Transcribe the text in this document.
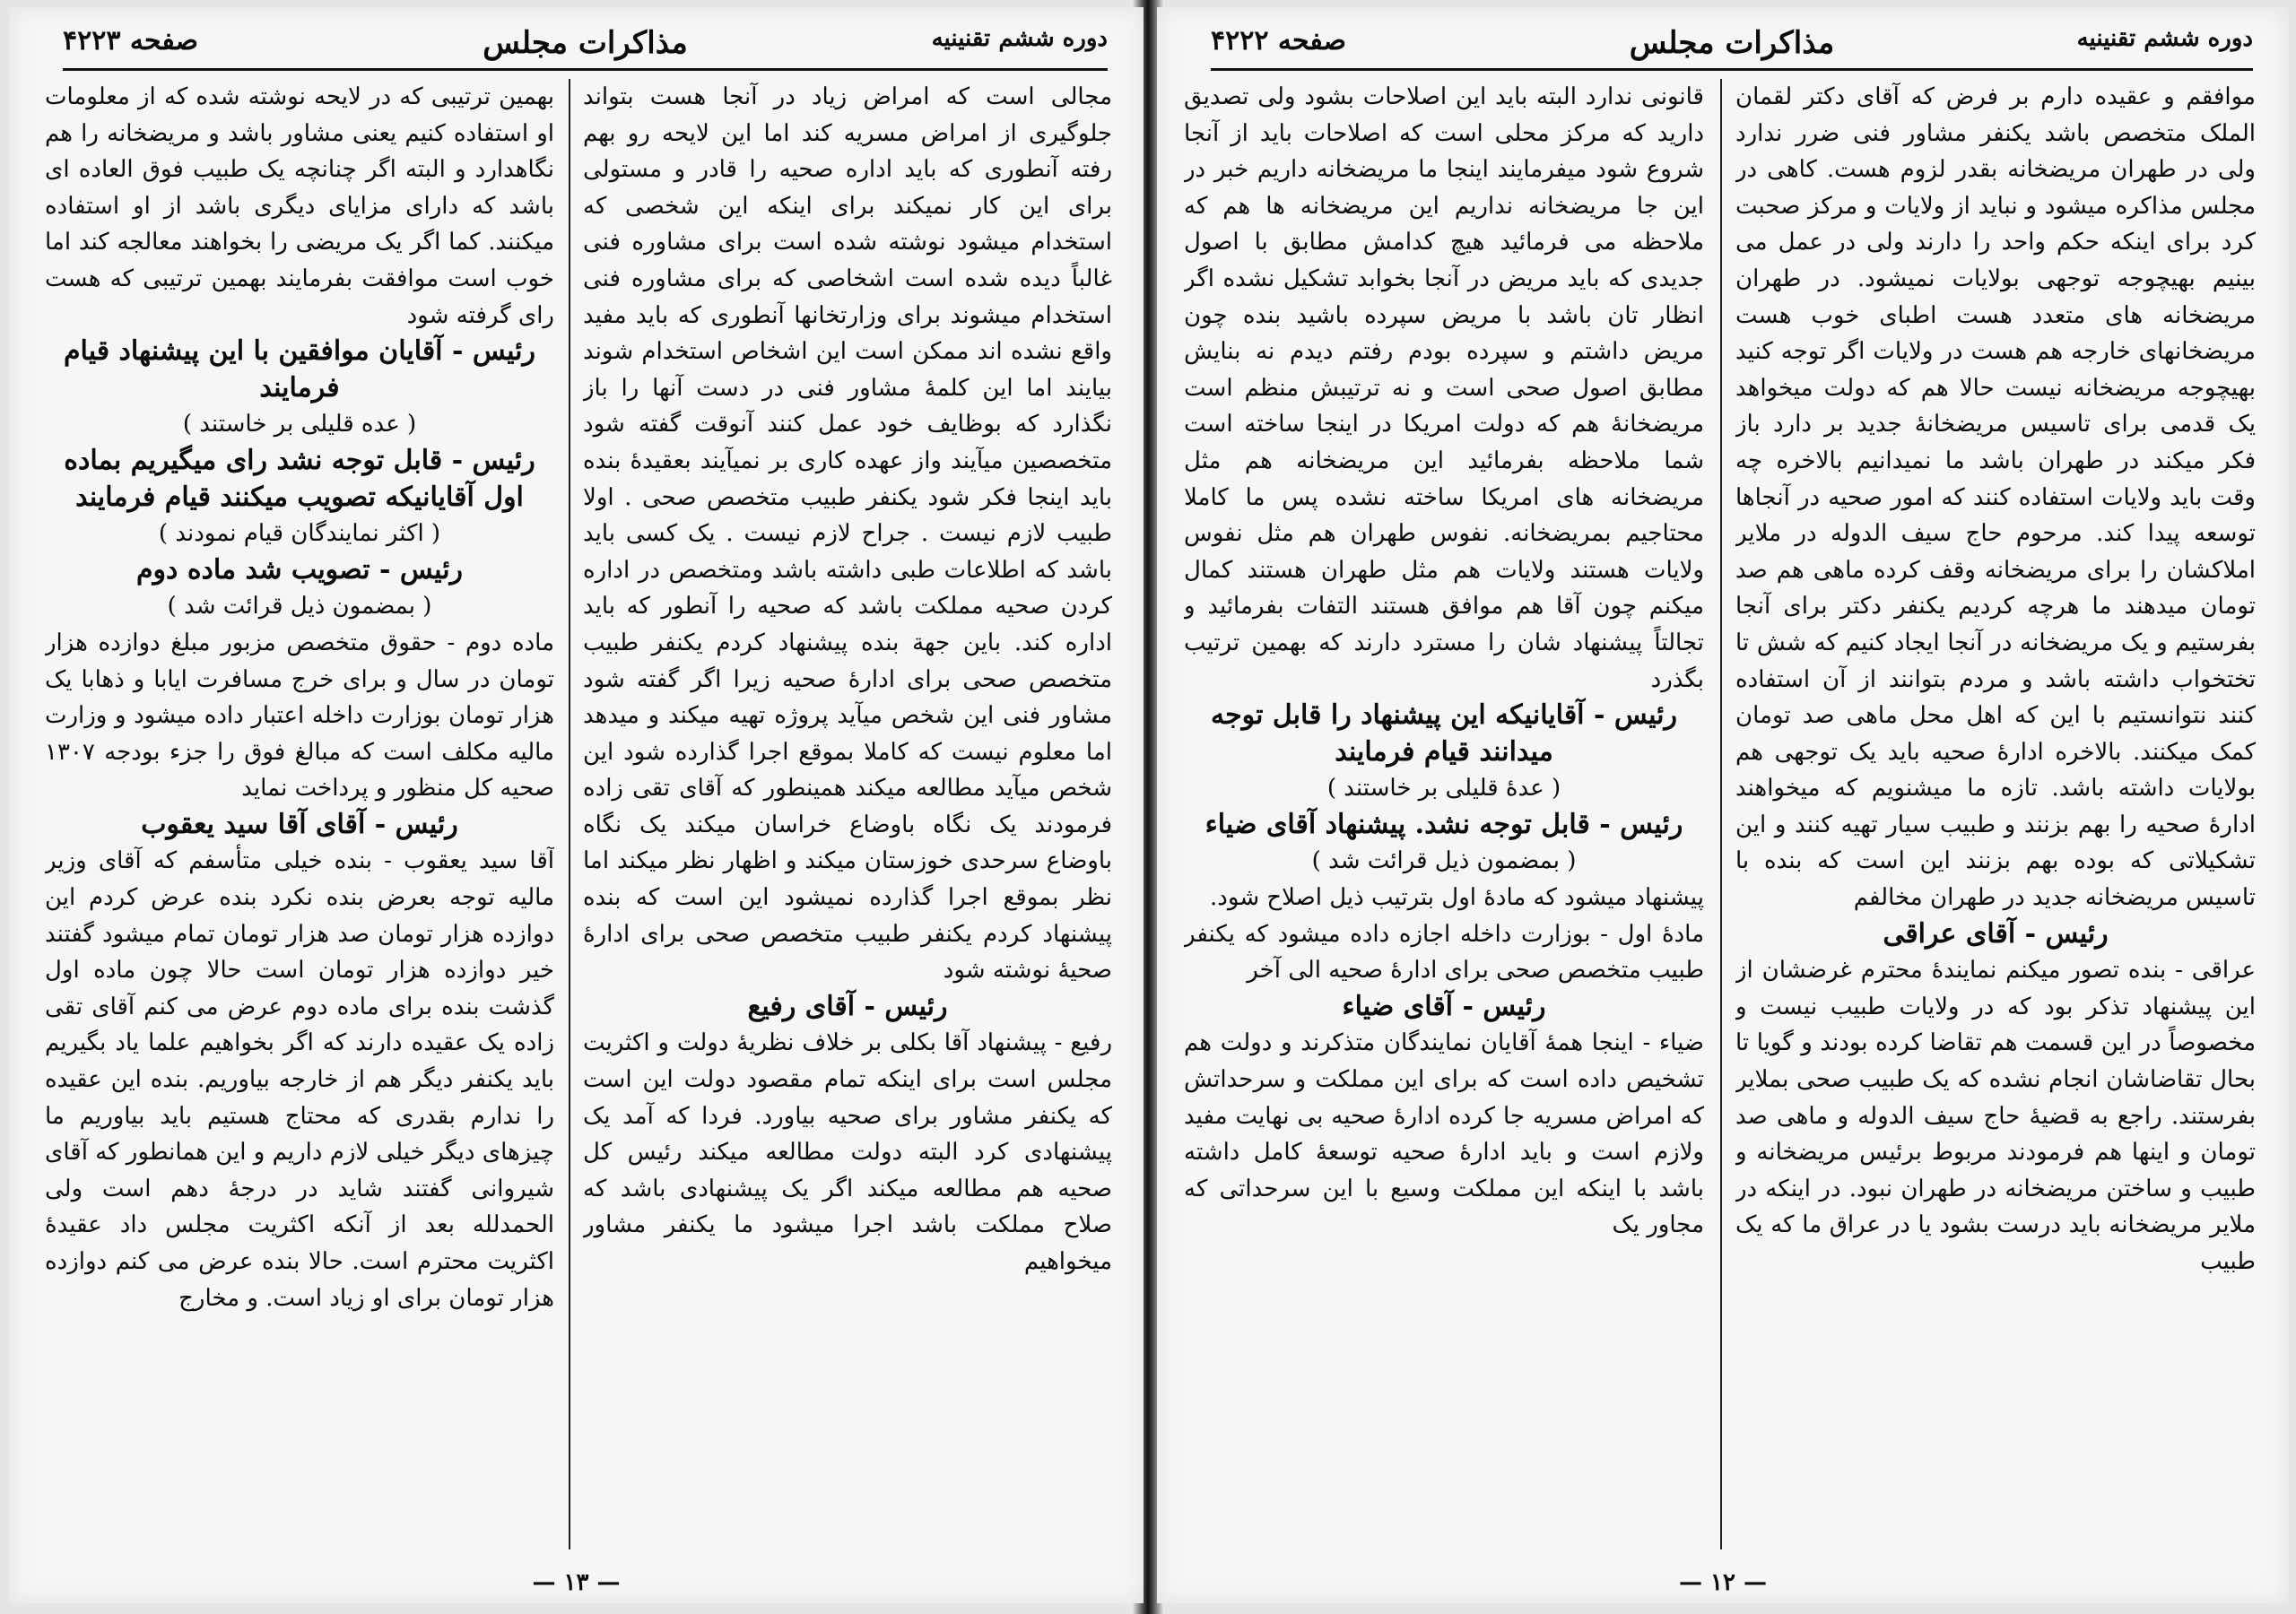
دوره ششم تقنینیه
مذاکرات مجلس
صفحه ۴۲۲۳

مجالی است که امراض زیاد در آنجا هست بتواند جلوگیری از امراض مسریه کند اما این لایحه رو بهم رفته آنطوری که باید اداره صحیه را قادر و مستولی برای این کار نمیکند برای اینکه این شخصی که استخدام میشود نوشته شده است برای مشاوره فنی غالباً دیده شده است اشخاصی که برای مشاوره فنی استخدام میشوند برای وزارتخانها آنطوری که باید مفید واقع نشده اند ممکن است این اشخاص استخدام شوند بیایند اما این کلمهٔ مشاور فنی در دست آنها را باز نگذارد که بوظایف خود عمل کنند آنوقت گفته شود متخصصین میآیند واز عهده کاری بر نمیآیند بعقیدهٔ بنده باید اینجا فکر شود یکنفر طبیب متخصص صحی . اولا طبیب لازم نیست . جراح لازم نیست . یک کسی باید باشد که اطلاعات طبی داشته باشد ومتخصص در اداره کردن صحیه مملکت باشد که صحیه را آنطور که باید اداره کند. باین جهة بنده پیشنهاد کردم یکنفر طبیب متخصص صحی برای ادارهٔ صحیه زیرا اگر گفته شود مشاور فنی این شخص میآید پروژه تهیه میکند و میدهد اما معلوم نیست که کاملا بموقع اجرا گذارده شود این شخص میآید مطالعه میکند همینطور که آقای تقی زاده فرمودند یک نگاه باوضاع خراسان میکند یک نگاه باوضاع سرحدی خوزستان میکند و اظهار نظر میکند اما نظر بموقع اجرا گذارده نمیشود این است که بنده پیشنهاد کردم یکنفر طبیب متخصص صحی برای ادارهٔ صحیهٔ نوشته شود

رئیس - آقای رفیع

رفیع - پیشنهاد آقا بکلی بر خلاف نظریهٔ دولت و اکثریت مجلس است برای اینکه تمام مقصود دولت این است که یکنفر مشاور برای صحیه بیاورد. فردا که آمد یک پیشنهادی کرد البته دولت مطالعه میکند رئیس کل صحیه هم مطالعه میکند اگر یک پیشنهادی باشد که صلاح مملکت باشد اجرا میشود ما یکنفر مشاور میخواهیم

بهمین ترتیبی که در لایحه نوشته شده که از معلومات او استفاده کنیم یعنی مشاور باشد و مریضخانه را هم نگاهدارد و البته اگر چنانچه یک طبیب فوق العاده ای باشد که دارای مزایای دیگری باشد از او استفاده میکنند. کما اگر یک مریضی را بخواهند معالجه کند اما خوب است موافقت بفرمایند بهمین ترتیبی که هست رای گرفته شود

رئیس - آقایان موافقین با این پیشنهاد قیام فرمایند

( عده قلیلی بر خاستند )

رئیس - قابل توجه نشد رای میگیریم بماده اول آقایانیکه تصویب میکنند قیام فرمایند

( اکثر نمایندگان قیام نمودند )

رئیس - تصویب شد ماده دوم

( بمضمون ذیل قرائت شد )

ماده دوم - حقوق متخصص مزبور مبلغ دوازده هزار تومان در سال و برای خرج مسافرت ایابا و ذهابا یک هزار تومان بوزارت داخله اعتبار داده میشود و وزارت مالیه مکلف است که مبالغ فوق را جزء بودجه ۱۳۰۷ صحیه کل منظور و پرداخت نماید

رئیس - آقای آقا سید یعقوب

آقا سید یعقوب - بنده خیلی متأسفم که آقای وزیر مالیه توجه بعرض بنده نکرد بنده عرض کردم این دوازده هزار تومان صد هزار تومان تمام میشود گفتند خیر دوازده هزار تومان است حالا چون ماده اول گذشت بنده برای ماده دوم عرض می کنم آقای تقی زاده یک عقیده دارند که اگر بخواهیم علما یاد بگیریم باید یکنفر دیگر هم از خارجه بیاوریم. بنده این عقیده را ندارم بقدری که محتاج هستیم باید بیاوریم ما چیزهای دیگر خیلی لازم داریم و این همانطور که آقای شیروانی گفتند شاید در درجهٔ دهم است ولی الحمدلله بعد از آنکه اکثریت مجلس داد عقیدهٔ اکثریت محترم است. حالا بنده عرض می کنم دوازده هزار تومان برای او زیاد است. و مخارج

— ۱۳ —
دوره ششم تقنینیه
مذاکرات مجلس
صفحه ۴۲۲۲

موافقم و عقیده دارم بر فرض که آقای دکتر لقمان الملک متخصص باشد یکنفر مشاور فنی ضرر ندارد ولی در طهران مریضخانه بقدر لزوم هست. کاهی در مجلس مذاکره میشود و نباید از ولایات و مرکز صحبت کرد برای اینکه حکم واحد را دارند ولی در عمل می بینیم بهیچوجه توجهی بولایات نمیشود. در طهران مریضخانه های متعدد هست اطبای خوب هست مریضخانهای خارجه هم هست در ولایات اگر توجه کنید بهیچوجه مریضخانه نیست حالا هم که دولت میخواهد یک قدمی برای تاسیس مریضخانهٔ جدید بر دارد باز فکر میکند در طهران باشد ما نمیدانیم بالاخره چه وقت باید ولایات استفاده کنند که امور صحیه در آنجاها توسعه پیدا کند. مرحوم حاج سیف الدوله در ملایر املاکشان را برای مریضخانه وقف کرده ماهی هم صد تومان میدهند ما هرچه کردیم یکنفر دکتر برای آنجا بفرستیم و یک مریضخانه در آنجا ایجاد کنیم که شش تا تختخواب داشته باشد و مردم بتوانند از آن استفاده کنند نتوانستیم با این که اهل محل ماهی صد تومان کمک میکنند. بالاخره ادارهٔ صحیه باید یک توجهی هم بولایات داشته باشد. تازه ما میشنویم که میخواهند ادارهٔ صحیه را بهم بزنند و طبیب سیار تهیه کنند و این تشکیلاتی که بوده بهم بزنند این است که بنده با تاسیس مریضخانه جدید در طهران مخالفم

رئیس - آقای عراقی

عراقی - بنده تصور میکنم نمایندهٔ محترم غرضشان از این پیشنهاد تذکر بود که در ولایات طبیب نیست و مخصوصاً در این قسمت هم تقاضا کرده بودند و گویا تا بحال تقاضاشان انجام نشده که یک طبیب صحی بملایر بفرستند. راجع به قضیهٔ حاج سیف الدوله و ماهی صد تومان و اینها هم فرمودند مربوط برئیس مریضخانه و طبیب و ساختن مریضخانه در طهران نبود. در اینکه در ملایر مریضخانه باید درست بشود یا در عراق ما که یک طبیب

قانونی ندارد البته باید این اصلاحات بشود ولی تصدیق دارید که مرکز محلی است که اصلاحات باید از آنجا شروع شود میفرمایند اینجا ما مریضخانه داریم خبر در این جا مریضخانه نداریم این مریضخانه ها هم که ملاحظه می فرمائید هیچ کدامش مطابق با اصول جدیدی که باید مریض در آنجا بخوابد تشکیل نشده اگر انظار تان باشد با مریض سپرده باشید بنده چون مریض داشتم و سپرده بودم رفتم دیدم نه بنایش مطابق اصول صحی است و نه ترتیبش منظم است مریضخانهٔ هم که دولت امریکا در اینجا ساخته است شما ملاحظه بفرمائید این مریضخانه هم مثل مریضخانه های امریکا ساخته نشده پس ما کاملا محتاجیم بمریضخانه. نفوس طهران هم مثل نفوس ولایات هستند ولایات هم مثل طهران هستند کمال میکنم چون آقا هم موافق هستند التفات بفرمائید و تجالتاً پیشنهاد شان را مسترد دارند که بهمین ترتیب بگذرد

رئیس - آقایانیکه این پیشنهاد را قابل توجه میدانند قیام فرمایند

( عدهٔ قلیلی بر خاستند )

رئیس - قابل توجه نشد. پیشنهاد آقای ضیاء

( بمضمون ذیل قرائت شد )

پیشنهاد میشود که مادهٔ اول بترتیب ذیل اصلاح شود.

مادهٔ اول - بوزارت داخله اجازه داده میشود که یکنفر طبیب متخصص صحی برای ادارهٔ صحیه الی آخر

رئیس - آقای ضیاء

ضیاء - اینجا همهٔ آقایان نمایندگان متذکرند و دولت هم تشخیص داده است که برای این مملکت و سرحداتش که امراض مسریه جا کرده ادارهٔ صحیه بی نهایت مفید ولازم است و باید ادارهٔ صحیه توسعهٔ کامل داشته باشد با اینکه این مملکت وسیع با این سرحداتی که مجاور یک

— ۱۲ —
